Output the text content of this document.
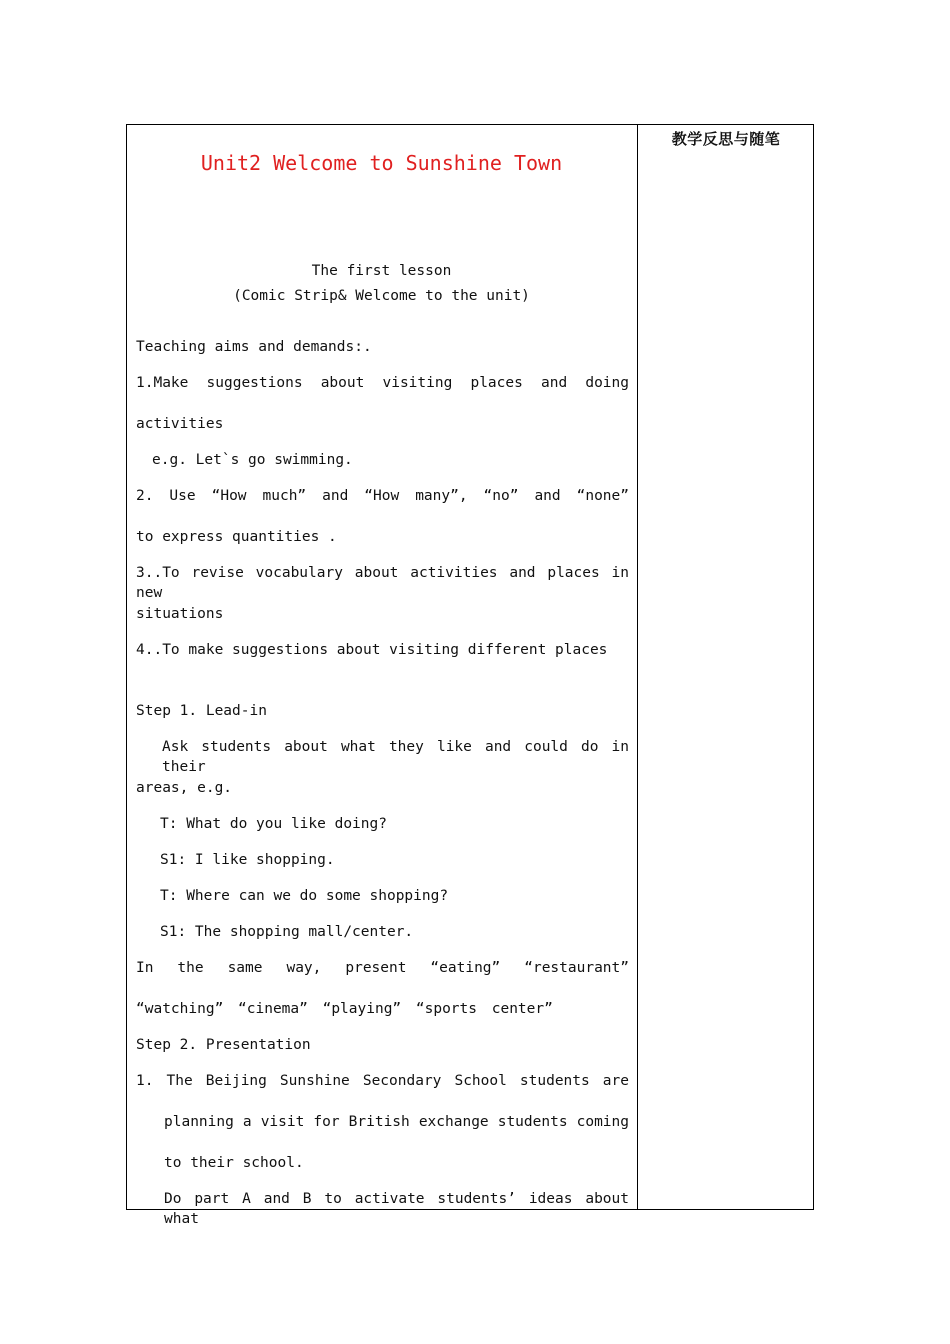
教学反思与随笔
Unit2 Welcome to Sunshine Town
The first lesson
(Comic Strip& Welcome to the unit)
Teaching aims and demands:.
1.Make suggestions about visiting places and doing
activities
e.g. Let`s go swimming.
2. Use “How much” and “How many”, “no” and “none”
to express quantities .
3..To revise vocabulary about activities and places in new
situations
4..To make suggestions about visiting different places
Step 1. Lead-in
Ask students about what they like and could do in their
areas, e.g.
T: What do you like doing?
S1: I like shopping.
T: Where can we do some shopping?
S1: The shopping mall/center.
In the same way, present “eating” “restaurant”
“watching” “cinema” “playing” “sports center”
Step 2. Presentation
1. The Beijing Sunshine Secondary School students are
planning a visit for British exchange students coming
to their school.
Do part A and B to activate students’ ideas about what
